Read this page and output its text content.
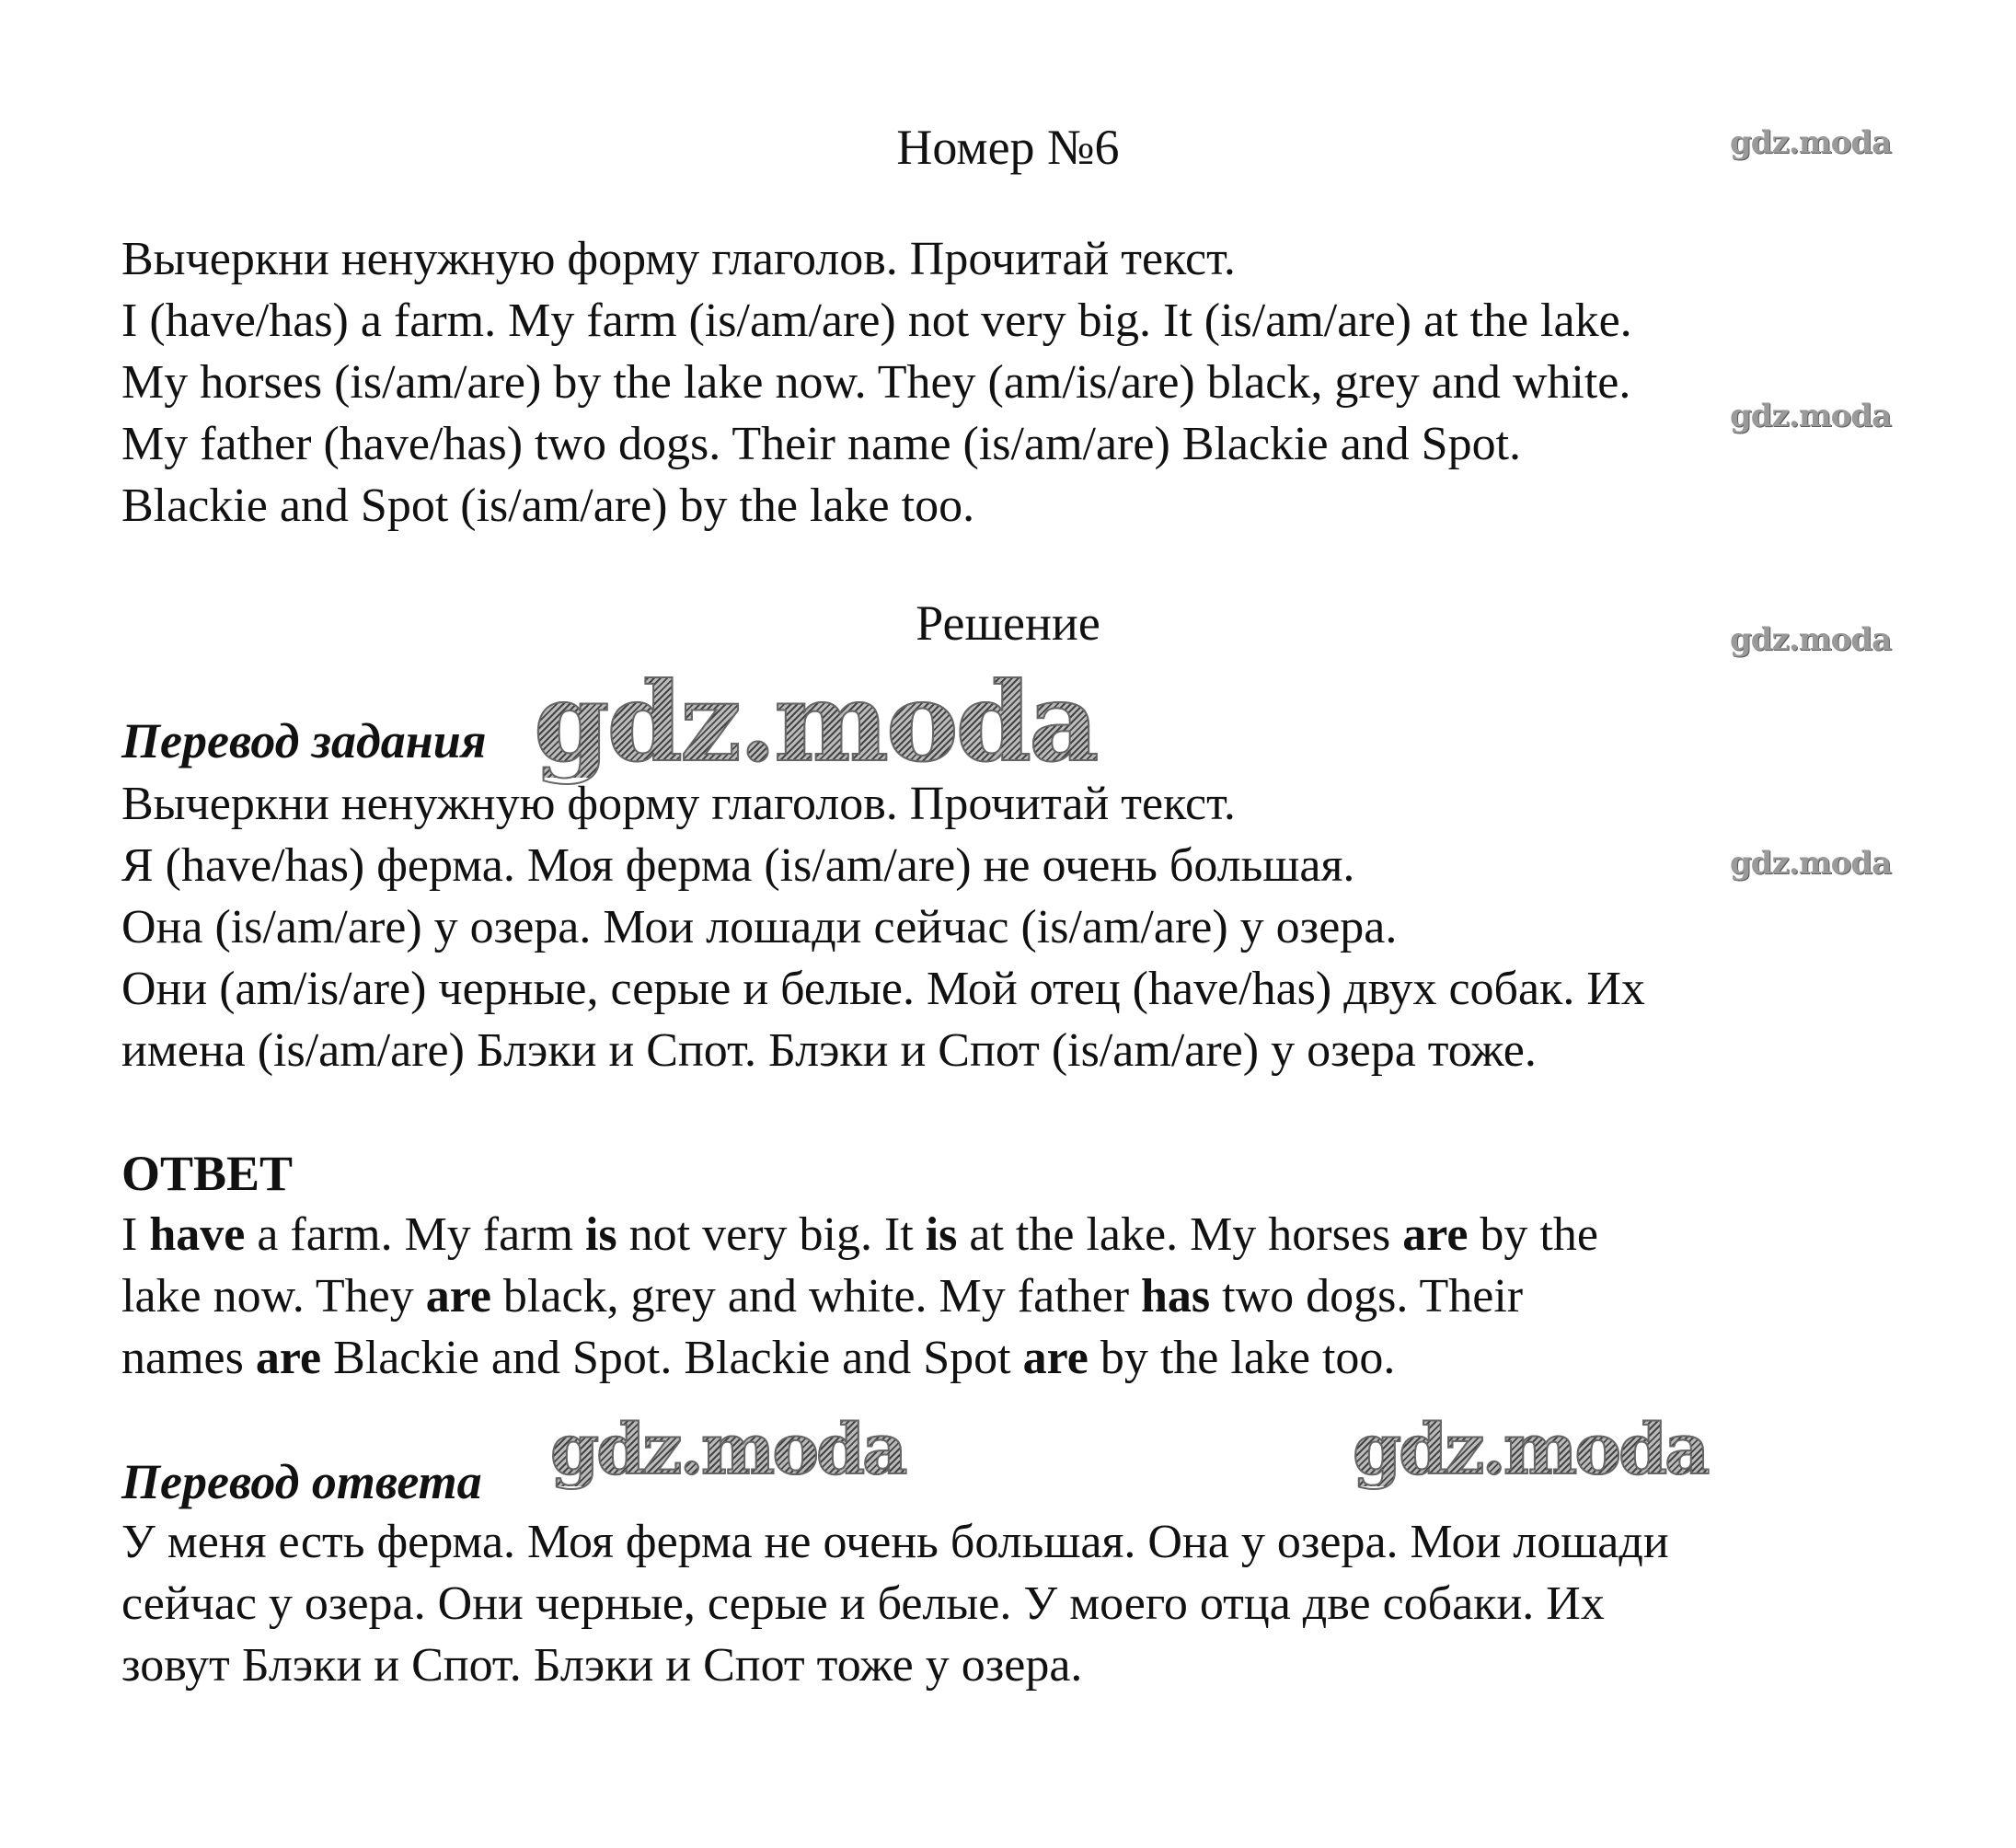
Номер №6
Вычеркни ненужную форму глаголов. Прочитай текст.
I (have/has) a farm. My farm (is/am/are) not very big. It (is/am/are) at the lake.
My horses (is/am/are) by the lake now. They (am/is/are) black, grey and white.
My father (have/has) two dogs. Their name (is/am/are) Blackie and Spot.
Blackie and Spot (is/am/are) by the lake too.
Решение
Перевод задания
Вычеркни ненужную форму глаголов. Прочитай текст.
Я (have/has) ферма. Моя ферма (is/am/are) не очень большая.
Она (is/am/are) у озера. Мои лошади сейчас (is/am/are) у озера.
Они (am/is/are) черные, серые и белые. Мой отец (have/has) двух собак. Их
имена (is/am/are) Блэки и Спот. Блэки и Спот (is/am/are) у озера тоже.
ОТВЕТ
I have a farm. My farm is not very big. It is at the lake. My horses are by the
lake now. They are black, grey and white. My father has two dogs. Their
names are Blackie and Spot. Blackie and Spot are by the lake too.
Перевод ответа
У меня есть ферма. Моя ферма не очень большая. Она у озера. Мои лошади
сейчас у озера. Они черные, серые и белые. У моего отца две собаки. Их
зовут Блэки и Спот. Блэки и Спот тоже у озера.
gdz.moda
gdz.moda
gdz.moda
gdz.moda
gdz.moda
gdz.moda	gdz.moda
